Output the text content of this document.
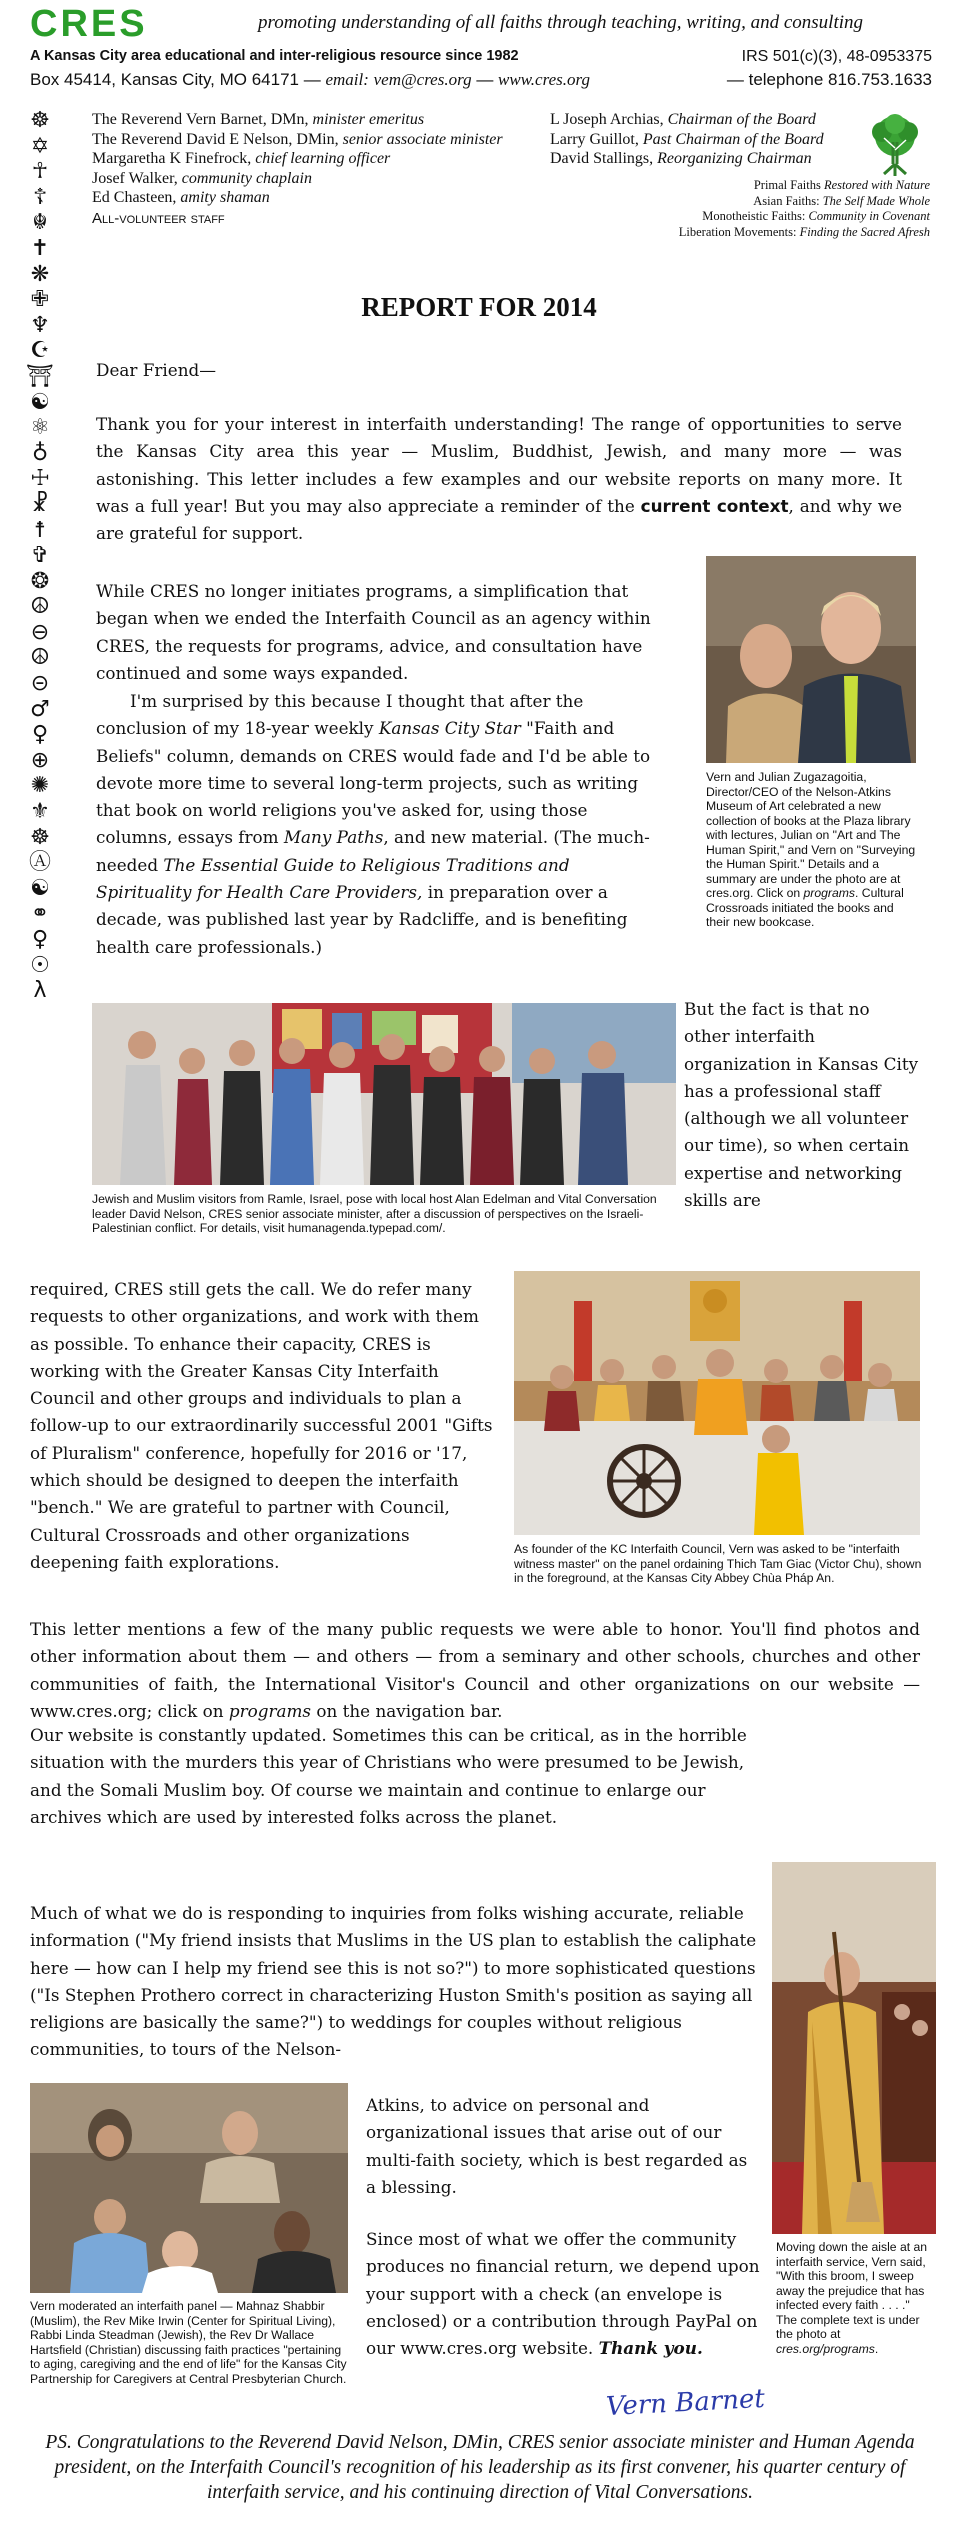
CRES	promoting understanding of all faiths through teaching, writing, and consulting
A Kansas City area educational and inter-religious resource since 1982	IRS 501(c)(3), 48-0953375
Box 45414, Kansas City, MO 64171 — email: vem@cres.org — www.cres.org	— telephone 816.753.1633
☸
✡
☥
☦
☬
✝
❋
✙
♆
☪
⛩
☯
⚛
♁
☩
☧
☨
✞
❂
☮
⊖
☮
⊝
♂
♀
⊕
✺
⚜
☸
Ⓐ
☯
⚭
♀
☉
λ
The Reverend Vern Barnet, DMn, minister emeritus
The Reverend David E Nelson, DMin, senior associate minister
Margaretha K Finefrock, chief learning officer
Josef Walker, community chaplain
Ed Chasteen, amity shaman
All-volunteer staff
L Joseph Archias, Chairman of the Board
Larry Guillot, Past Chairman of the Board
David Stallings, Reorganizing Chairman
Primal Faiths Restored with Nature
Asian Faiths: The Self Made Whole
Monotheistic Faiths: Community in Covenant
Liberation Movements: Finding the Sacred Afresh
REPORT FOR 2014
Dear Friend—
Thank you for your interest in interfaith understanding! The range of opportunities to serve the Kansas City area this year — Muslim, Buddhist, Jewish, and many more — was astonishing. This letter includes a few examples and our website reports on many more. It was a full year! But you may also appreciate a reminder of the current context, and why we are grateful for support.
While CRES no longer initiates programs, a simplification that began when we ended the Interfaith Council as an agency within CRES, the requests for programs, advice, and consultation have continued and some ways expanded.
I'm surprised by this because I thought that after the conclusion of my 18-year weekly Kansas City Star "Faith and Beliefs" column, demands on CRES would fade and I'd be able to devote more time to several long-term projects, such as writing that book on world religions you've asked for, using those columns, essays from Many Paths, and new material. (The much-needed The Essential Guide to Religious Traditions and Spirituality for Health Care Providers, in preparation over a decade, was published last year by Radcliffe, and is benefiting health care professionals.)
Vern and Julian Zugazagoitia, Director/CEO of the Nelson-Atkins Museum of Art celebrated a new collection of books at the Plaza library with lectures, Julian on "Art and The Human Spirit," and Vern on "Surveying the Human Spirit." Details and a summary are under the photo are at cres.org. Click on programs. Cultural Crossroads initiated the books and their new bookcase.
Jewish and Muslim visitors from Ramle, Israel, pose with local host Alan Edelman and Vital Conversation leader David Nelson, CRES senior associate minister, after a discussion of perspectives on the Israeli-Palestinian conflict. For details, visit humanagenda.typepad.com/.
But the fact is that no other interfaith organization in Kansas City has a professional staff (although we all volunteer our time), so when certain expertise and networking skills are
required, CRES still gets the call. We do refer many requests to other organizations, and work with them as possible. To enhance their capacity, CRES is working with the Greater Kansas City Interfaith Council and other groups and individuals to plan a follow-up to our extraordinarily successful 2001 "Gifts of Pluralism" conference, hopefully for 2016 or '17, which should be designed to deepen the interfaith "bench." We are grateful to partner with Council, Cultural Crossroads and other organizations deepening faith explorations.
As founder of the KC Interfaith Council, Vern was asked to be "interfaith witness master" on the panel ordaining Thich Tam Giac (Victor Chu), shown in the foreground, at the Kansas City Abbey Chùa Pháp An.
This letter mentions a few of the many public requests we were able to honor. You'll find photos and other information about them — and others — from a seminary and other schools, churches and other communities of faith, the International Visitor's Council and other organizations on our website —www.cres.org; click on programs on the navigation bar.
Our website is constantly updated. Sometimes this can be critical, as in the horrible situation with the murders this year of Christians who were presumed to be Jewish, and the Somali Muslim boy. Of course we maintain and continue to enlarge our archives which are used by interested folks across the planet.
Much of what we do is responding to inquiries from folks wishing accurate, reliable information ("My friend insists that Muslims in the US plan to establish the caliphate here — how can I help my friend see this is not so?") to more sophisticated questions ("Is Stephen Prothero correct in characterizing Huston Smith's position as saying all religions are basically the same?") to weddings for couples without religious communities, to tours of the Nelson-
Vern moderated an interfaith panel — Mahnaz Shabbir (Muslim), the Rev Mike Irwin (Center for Spiritual Living), Rabbi Linda Steadman (Jewish), the Rev Dr Wallace Hartsfield (Christian) discussing faith practices "pertaining to aging, caregiving and the end of life" for the Kansas City Partnership for Caregivers at Central Presbyterian Church.
Atkins, to advice on personal and organizational issues that arise out of our multi-faith society, which is best regarded as a blessing.
Since most of what we offer the community produces no financial return, we depend upon your support with a check (an envelope is enclosed) or a contribution through PayPal on our www.cres.org website. Thank you.
Vern Barnet
Moving down the aisle at an interfaith service, Vern said, "With this broom, I sweep away the prejudice that has infected every faith . . . ." The complete text is under the photo at cres.org/programs.
PS. Congratulations to the Reverend David Nelson, DMin, CRES senior associate minister and Human Agenda president, on the Interfaith Council's recognition of his leadership as its first convener, his quarter century of interfaith service, and his continuing direction of Vital Conversations.
